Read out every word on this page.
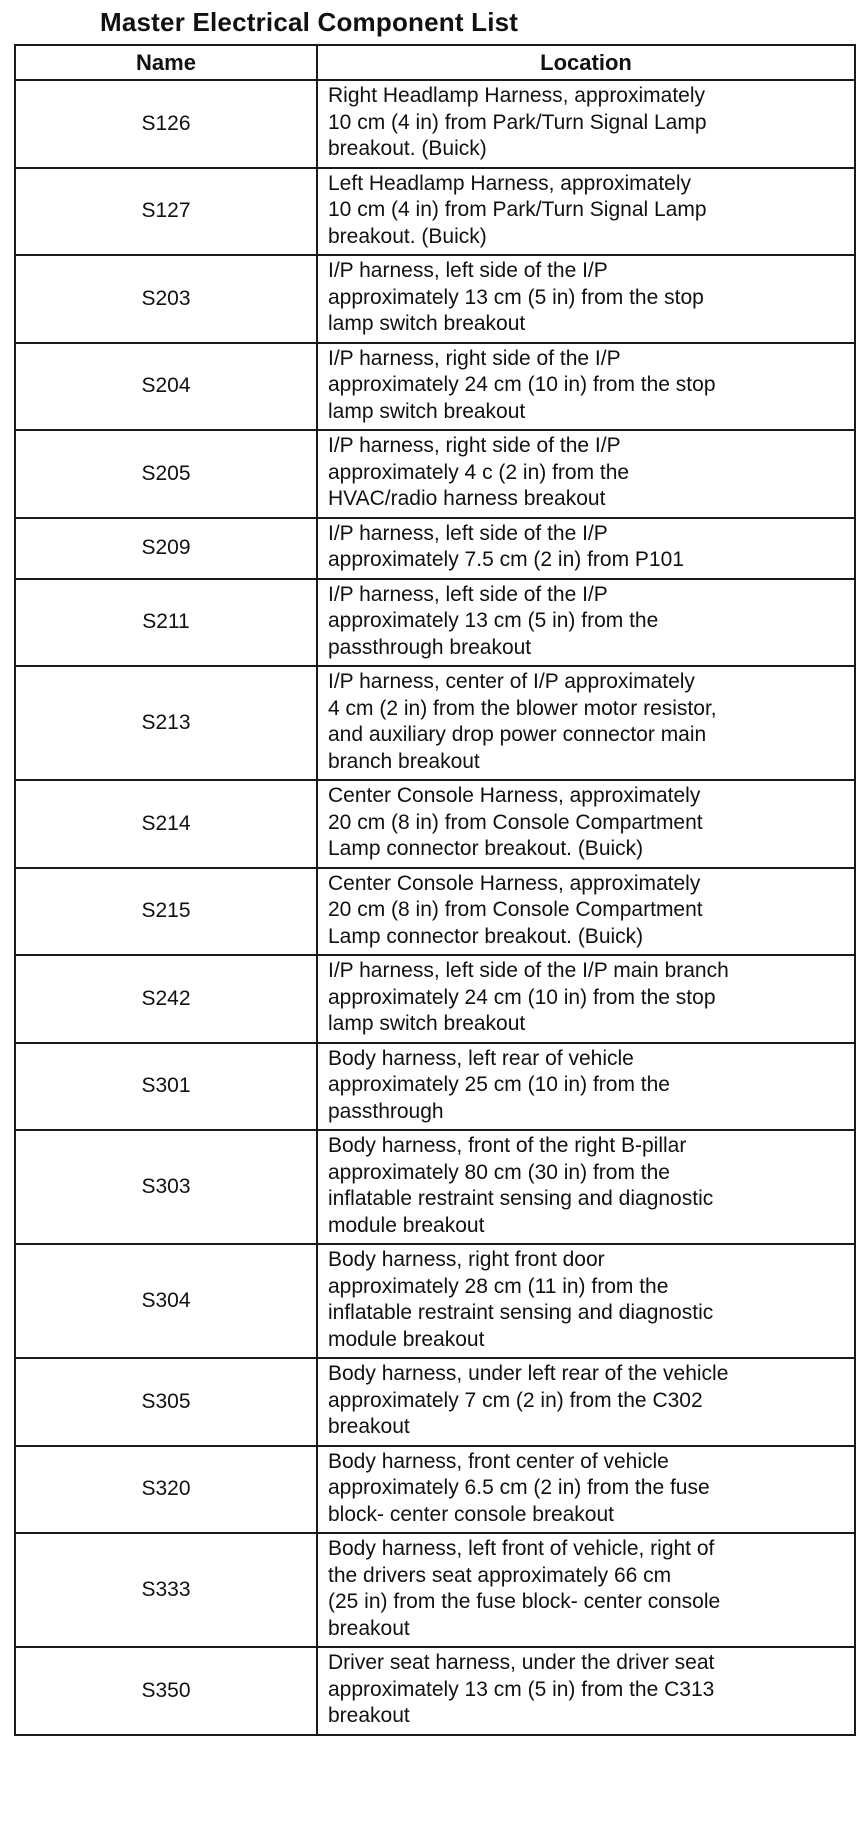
Master Electrical Component List
Name	Location
S126	Right Headlamp Harness, approximately
10 cm (4 in) from Park/Turn Signal Lamp
breakout. (Buick)

S127	Left Headlamp Harness, approximately
10 cm (4 in) from Park/Turn Signal Lamp
breakout. (Buick)

S203	I/P harness, left side of the I/P
approximately 13 cm (5 in) from the stop
lamp switch breakout

S204	I/P harness, right side of the I/P
approximately 24 cm (10 in) from the stop
lamp switch breakout

S205	I/P harness, right side of the I/P
approximately 4 c (2 in) from the
HVAC/radio harness breakout

S209	I/P harness, left side of the I/P
approximately 7.5 cm (2 in) from P101

S211	I/P harness, left side of the I/P
approximately 13 cm (5 in) from the
passthrough breakout

S213	I/P harness, center of I/P approximately
4 cm (2 in) from the blower motor resistor,
and auxiliary drop power connector main
branch breakout

S214	Center Console Harness, approximately
20 cm (8 in) from Console Compartment
Lamp connector breakout. (Buick)

S215	Center Console Harness, approximately
20 cm (8 in) from Console Compartment
Lamp connector breakout. (Buick)

S242	I/P harness, left side of the I/P main branch
approximately 24 cm (10 in) from the stop
lamp switch breakout

S301	Body harness, left rear of vehicle
approximately 25 cm (10 in) from the
passthrough

S303	Body harness, front of the right B-pillar
approximately 80 cm (30 in) from the
inflatable restraint sensing and diagnostic
module breakout

S304	Body harness, right front door
approximately 28 cm (11 in) from the
inflatable restraint sensing and diagnostic
module breakout

S305	Body harness, under left rear of the vehicle
approximately 7 cm (2 in) from the C302
breakout

S320	Body harness, front center of vehicle
approximately 6.5 cm (2 in) from the fuse
block- center console breakout

S333	Body harness, left front of vehicle, right of
the drivers seat approximately 66 cm
(25 in) from the fuse block- center console
breakout

S350	Driver seat harness, under the driver seat
approximately 13 cm (5 in) from the C313
breakout
